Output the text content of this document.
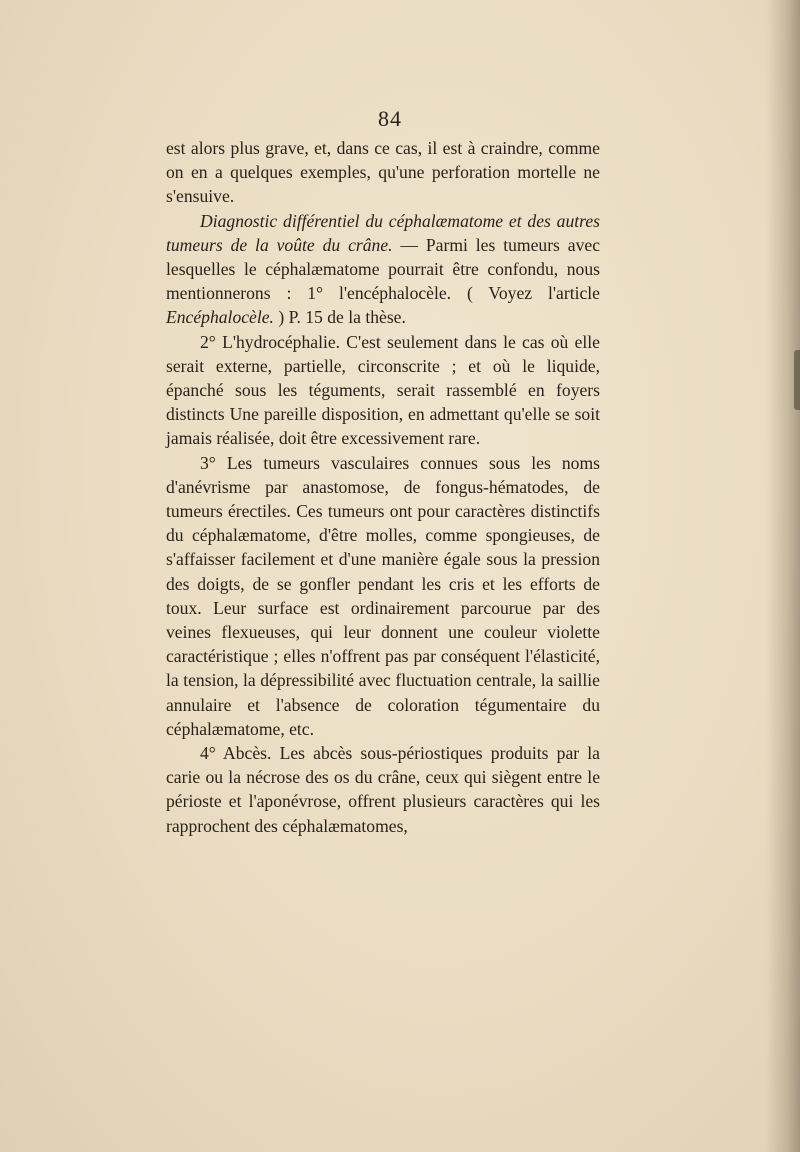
84

est alors plus grave, et, dans ce cas, il est à craindre, comme on en a quelques exemples, qu'une perforation mortelle ne s'ensuive.

Diagnostic différentiel du céphalæmatome et des autres tumeurs de la voûte du crâne. — Parmi les tumeurs avec lesquelles le céphalæmatome pourrait être confondu, nous mentionnerons : 1° l'encéphalocèle. ( Voyez l'article Encéphalocèle. ) P. 15 de la thèse.

2° L'hydrocéphalie. C'est seulement dans le cas où elle serait externe, partielle, circonscrite ; et où le liquide, épanché sous les téguments, serait rassemblé en foyers distincts Une pareille disposition, en admettant qu'elle se soit jamais réalisée, doit être excessivement rare.

3° Les tumeurs vasculaires connues sous les noms d'anévrisme par anastomose, de fongus-hématodes, de tumeurs érectiles. Ces tumeurs ont pour caractères distinctifs du céphalæmatome, d'être molles, comme spongieuses, de s'affaisser facilement et d'une manière égale sous la pression des doigts, de se gonfler pendant les cris et les efforts de toux. Leur surface est ordinairement parcourue par des veines flexueuses, qui leur donnent une couleur violette caractéristique ; elles n'offrent pas par conséquent l'élasticité, la tension, la dépressibilité avec fluctuation centrale, la saillie annulaire et l'absence de coloration tégumentaire du céphalæmatome, etc.

4° Abcès. Les abcès sous-périostiques produits par la carie ou la nécrose des os du crâne, ceux qui siègent entre le périoste et l'aponévrose, offrent plusieurs caractères qui les rapprochent des céphalæmatomes,
